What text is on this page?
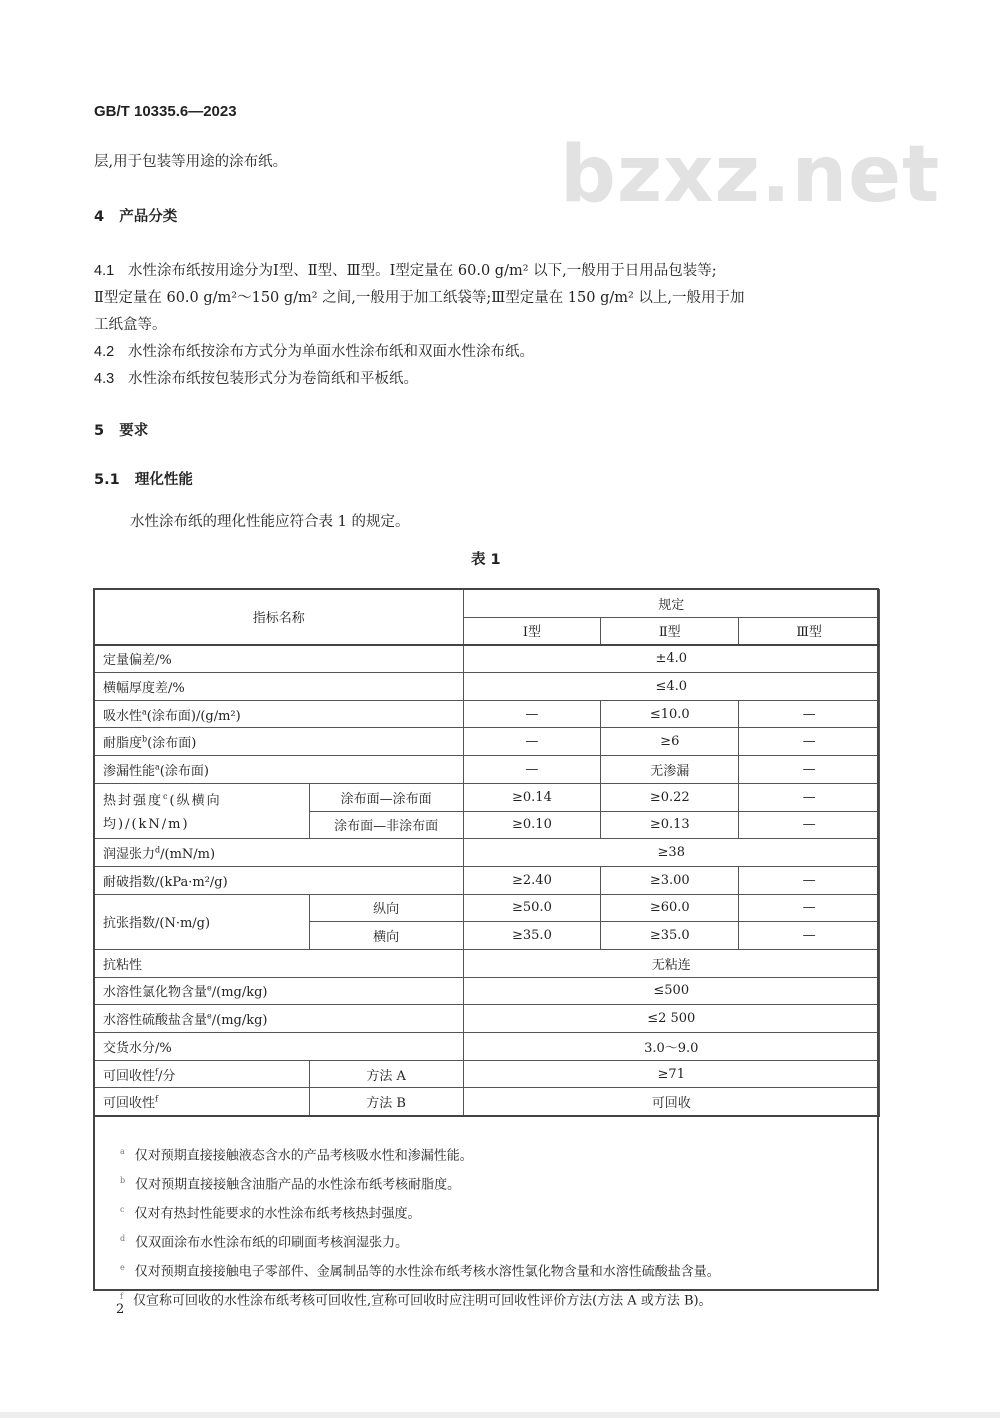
GB/T 10335.6—2023
bzxz.net
层,用于包装等用途的涂布纸。
4 产品分类
4.1 水性涂布纸按用途分为Ⅰ型、Ⅱ型、Ⅲ型。Ⅰ型定量在 60.0 g/m² 以下,一般用于日用品包装等;
Ⅱ型定量在 60.0 g/m²～150 g/m² 之间,一般用于加工纸袋等;Ⅲ型定量在 150 g/m² 以上,一般用于加
工纸盒等。
4.2 水性涂布纸按涂布方式分为单面水性涂布纸和双面水性涂布纸。
4.3 水性涂布纸按包装形式分为卷筒纸和平板纸。
5 要求
5.1 理化性能
水性涂布纸的理化性能应符合表 1 的规定。
表 1
指标名称		规定		
		Ⅰ型	Ⅱ型	Ⅲ型
定量偏差/%		±4.0		
横幅厚度差/%		≤4.0		
吸水性$^a$(涂布面)/(g/m²)		—	≤10.0	—
耐脂度$^b$(涂布面)		—	≥6	—
渗漏性能$^a$(涂布面)		—	无渗漏	—
热封强度$^c$(纵横向均)/(kN/m)	涂布面—涂布面	≥0.14	≥0.22	—
	涂布面—非涂布面	≥0.10	≥0.13	—
润湿张力$^d$/(mN/m)		≥38		
耐破指数/(kPa·m²/g)		≥2.40	≥3.00	—
抗张指数/(N·m/g)	纵向	≥50.0	≥60.0	—
	横向	≥35.0	≥35.0	—
抗粘性		无粘连		
水溶性氯化物含量$^e$/(mg/kg)		≤500		
水溶性硫酸盐含量$^e$/(mg/kg)		≤2 500		
交货水分/%		3.0～9.0		
可回收性$^f$/分	方法 A	≥71		
可回收性$^f$	方法 B	可回收		
$^a$ 仅对预期直接接触液态含水的产品考核吸水性和渗漏性能。
$^b$ 仅对预期直接接触含油脂产品的水性涂布纸考核耐脂度。
$^c$ 仅对有热封性能要求的水性涂布纸考核热封强度。
$^d$ 仅双面涂布水性涂布纸的印刷面考核润湿张力。
$^e$ 仅对预期直接接触电子零部件、金属制品等的水性涂布纸考核水溶性氯化物含量和水溶性硫酸盐含量。
$^f$ 仅宣称可回收的水性涂布纸考核可回收性,宣称可回收时应注明可回收性评价方法(方法 A 或方法 B)。
2
